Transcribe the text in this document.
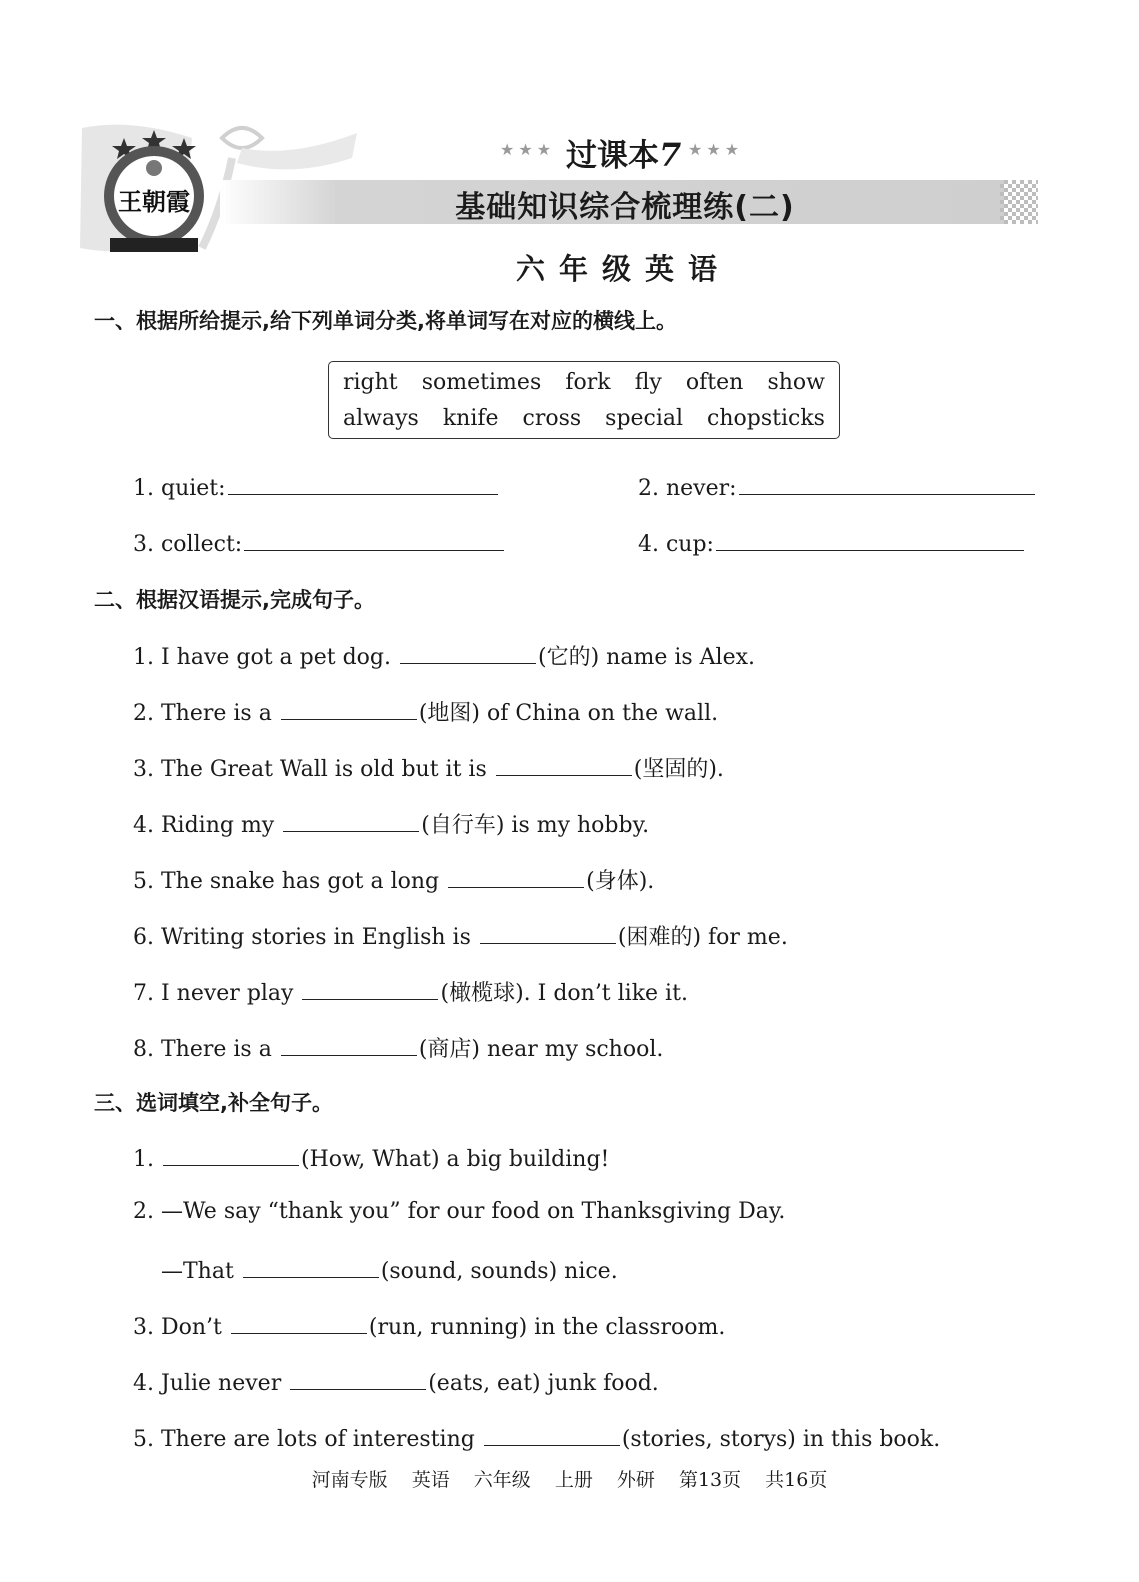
王朝霞
★★★ 过课本7 ★★★
基础知识综合梳理练(二)
六年级英语
一、根据所给提示,给下列单词分类,将单词写在对应的横线上。
right sometimes fork fly often show
always knife cross special chopsticks
1. quiet:	2. never:
3. collect:	4. cup:
二、根据汉语提示,完成句子。
1. I have got a pet dog.	(它的) name is Alex.
2. There is a	(地图) of China on the wall.
3. The Great Wall is old but it is	(坚固的).
4. Riding my	(自行车) is my hobby.
5. The snake has got a long	(身体).
6. Writing stories in English is	(困难的) for me.
7. I never play	(橄榄球). I don’t like it.
8. There is a	(商店) near my school.
三、选词填空,补全句子。
1.	(How, What) a big building!
2. —We say “thank you” for our food on Thanksgiving Day.
—That	(sound, sounds) nice.
3. Don’t	(run, running) in the classroom.
4. Julie never	(eats, eat) junk food.
5. There are lots of interesting	(stories, storys) in this book.
河南专版 英语 六年级 上册 外研 第13页 共16页
